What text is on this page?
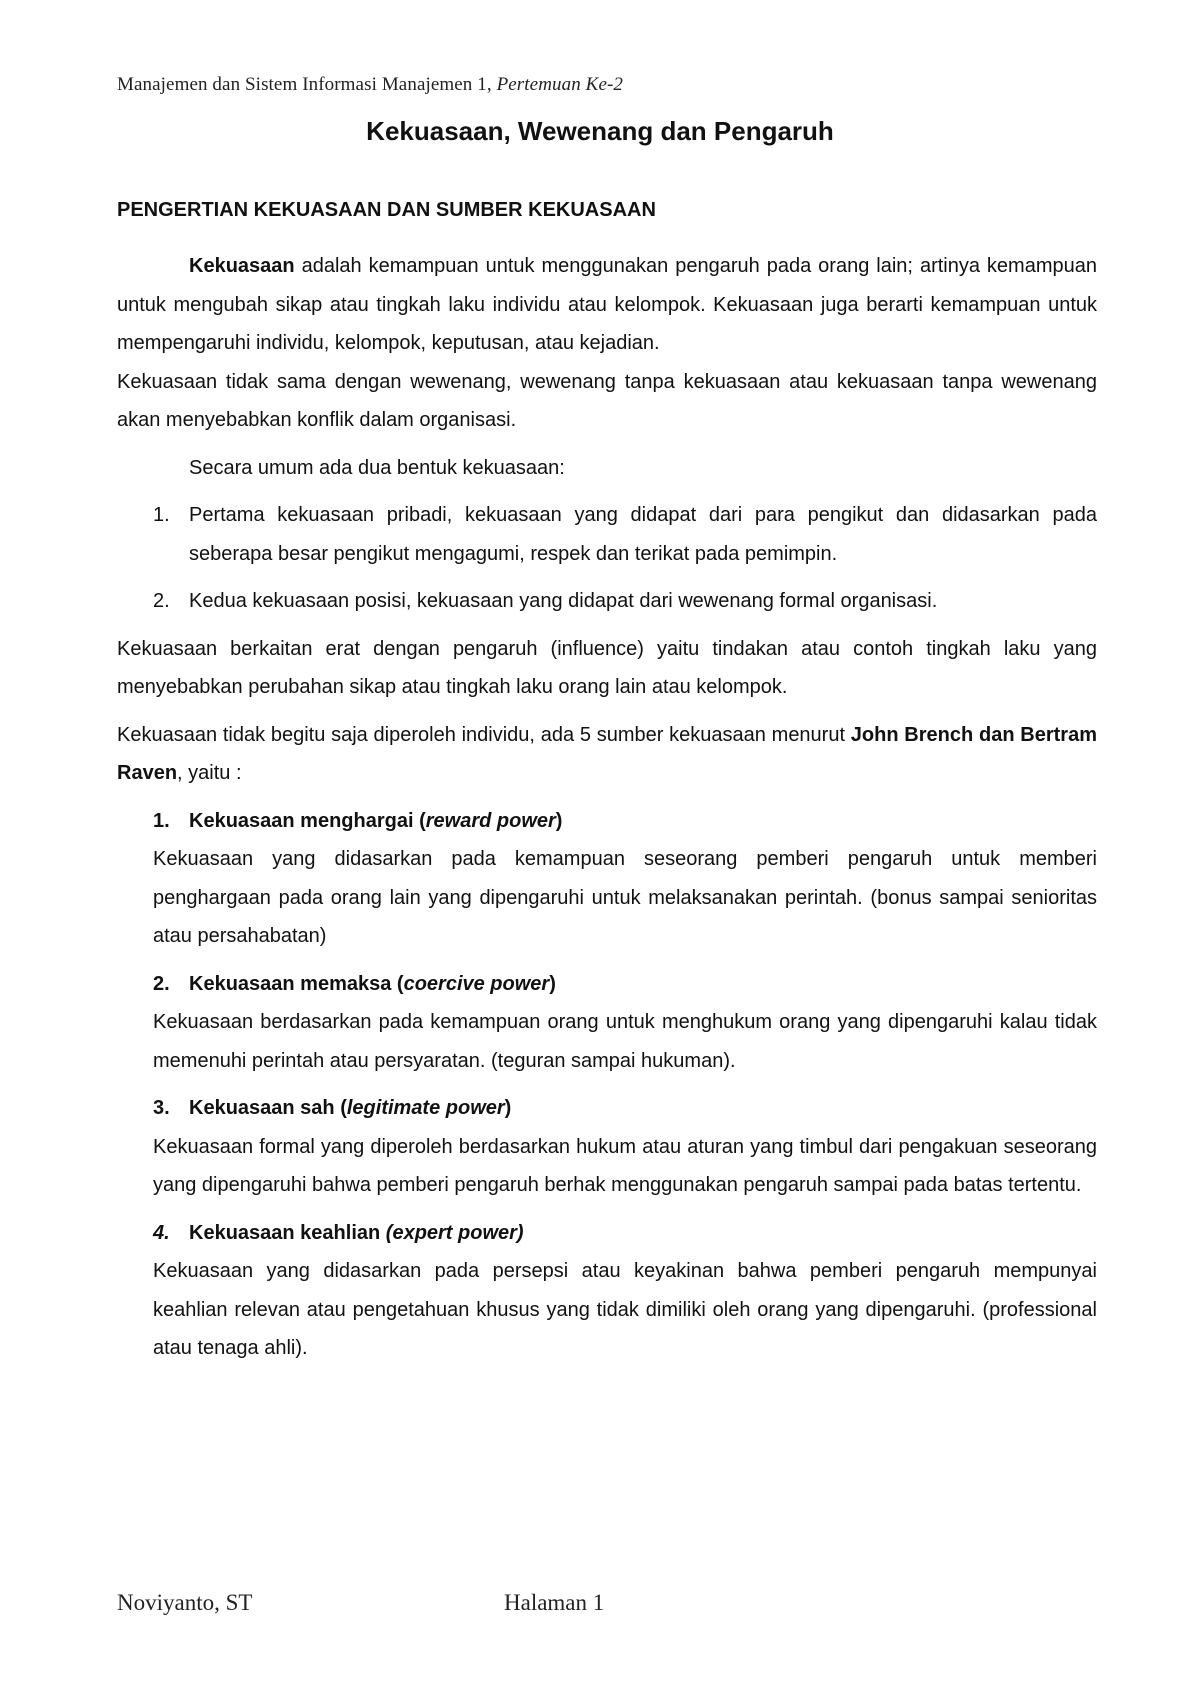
Manajemen dan Sistem Informasi Manajemen 1, Pertemuan Ke-2
Kekuasaan, Wewenang dan Pengaruh
PENGERTIAN KEKUASAAN DAN SUMBER KEKUASAAN

Kekuasaan adalah kemampuan untuk menggunakan pengaruh pada orang lain; artinya kemampuan untuk mengubah sikap atau tingkah laku individu atau kelompok. Kekuasaan juga berarti kemampuan untuk mempengaruhi individu, kelompok, keputusan, atau kejadian.

Kekuasaan tidak sama dengan wewenang, wewenang tanpa kekuasaan atau kekuasaan tanpa wewenang akan menyebabkan konflik dalam organisasi.

Secara umum ada dua bentuk kekuasaan:

1. Pertama kekuasaan pribadi, kekuasaan yang didapat dari para pengikut dan didasarkan pada seberapa besar pengikut mengagumi, respek dan terikat pada pemimpin.
2. Kedua kekuasaan posisi, kekuasaan yang didapat dari wewenang formal organisasi.

Kekuasaan berkaitan erat dengan pengaruh (influence) yaitu tindakan atau contoh tingkah laku yang menyebabkan perubahan sikap atau tingkah laku orang lain atau kelompok.

Kekuasaan tidak begitu saja diperoleh individu, ada 5 sumber kekuasaan menurut John Brench dan Bertram Raven, yaitu :

1. Kekuasaan menghargai (reward power)
Kekuasaan yang didasarkan pada kemampuan seseorang pemberi pengaruh untuk memberi penghargaan pada orang lain yang dipengaruhi untuk melaksanakan perintah. (bonus sampai senioritas atau persahabatan)
2. Kekuasaan memaksa (coercive power)
Kekuasaan berdasarkan pada kemampuan orang untuk menghukum orang yang dipengaruhi kalau tidak memenuhi perintah atau persyaratan. (teguran sampai hukuman).
3. Kekuasaan sah (legitimate power)
Kekuasaan formal yang diperoleh berdasarkan hukum atau aturan yang timbul dari pengakuan seseorang yang dipengaruhi bahwa pemberi pengaruh berhak menggunakan pengaruh sampai pada batas tertentu.
4. Kekuasaan keahlian (expert power)
Kekuasaan yang didasarkan pada persepsi atau keyakinan bahwa pemberi pengaruh mempunyai keahlian relevan atau pengetahuan khusus yang tidak dimiliki oleh orang yang dipengaruhi. (professional atau tenaga ahli).
Noviyanto, ST	Halaman 1
